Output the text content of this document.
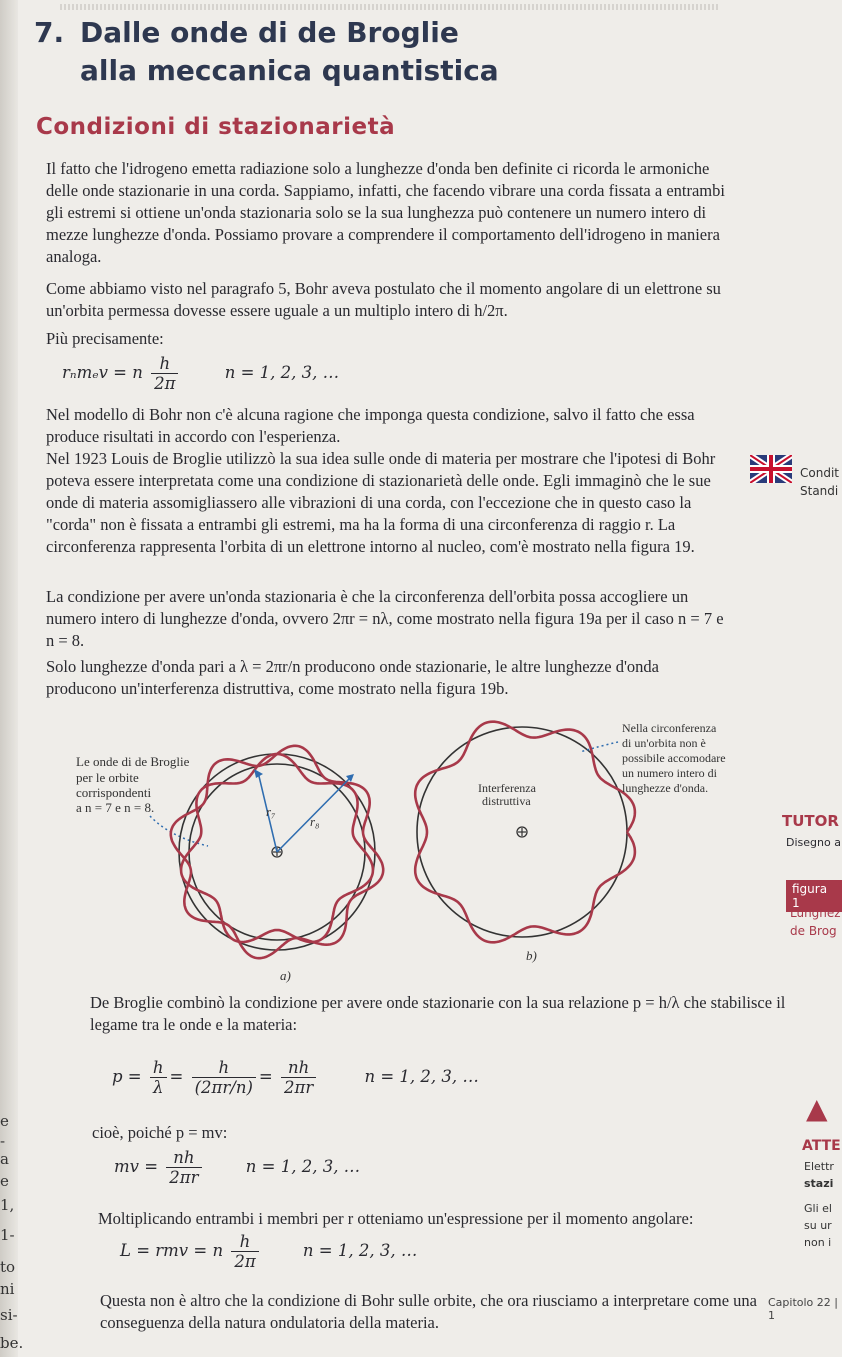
7. Dalle onde di de Broglie
alla meccanica quantistica
Condizioni di stazionarietà
Il fatto che l'idrogeno emetta radiazione solo a lunghezze d'onda ben definite ci ricorda le armoniche delle onde stazionarie in una corda. Sappiamo, infatti, che facendo vibrare una corda fissata a entrambi gli estremi si ottiene un'onda stazionaria solo se la sua lunghezza può contenere un numero intero di mezze lunghezze d'onda. Possiamo provare a comprendere il comportamento dell'idrogeno in maniera analoga.
Come abbiamo visto nel paragrafo 5, Bohr aveva postulato che il momento angolare di un elettrone su un'orbita permessa dovesse essere uguale a un multiplo intero di h/2π.
Più precisamente:
rₙmₑv = n $\frac{h}{2\pi}$	n = 1, 2, 3, …
Nel modello di Bohr non c'è alcuna ragione che imponga questa condizione, salvo il fatto che essa produce risultati in accordo con l'esperienza.
Nel 1923 Louis de Broglie utilizzò la sua idea sulle onde di materia per mostrare che l'ipotesi di Bohr poteva essere interpretata come una condizione di stazionarietà delle onde. Egli immaginò che le sue onde di materia assomigliassero alle vibrazioni di una corda, con l'eccezione che in questo caso la "corda" non è fissata a entrambi gli estremi, ma ha la forma di una circonferenza di raggio r. La circonferenza rappresenta l'orbita di un elettrone intorno al nucleo, com'è mostrato nella figura 19.
La condizione per avere un'onda stazionaria è che la circonferenza dell'orbita possa accogliere un numero intero di lunghezze d'onda, ovvero 2πr = nλ, come mostrato nella figura 19a per il caso n = 7 e n = 8.
Solo lunghezze d'onda pari a λ = 2πr/n producono onde stazionarie, le altre lunghezze d'onda producono un'interferenza distruttiva, come mostrato nella figura 19b.
Le onde di de Broglie
per le orbite
corrispondenti
a n = 7 e n = 8.	r₇
r₈
a)
Interferenza
distruttiva
Nella circonferenza
di un'orbita non è
possibile accomodare
un numero intero di
lunghezze d'onda.
b)
De Broglie combinò la condizione per avere onde stazionarie con la sua relazione p = h/λ che stabilisce il legame tra le onde e la materia:
$p = \frac{h}{\lambda} = \frac{h}{(2\pi r/n)} = \frac{nh}{2\pi r}$	n = 1, 2, 3, …
cioè, poiché p = mv:
mv = $\frac{nh}{2\pi r}$	n = 1, 2, 3, …
Moltiplicando entrambi i membri per r otteniamo un'espressione per il momento angolare:
L = rmv = n $\frac{h}{2\pi}$	n = 1, 2, 3, …
Questa non è altro che la condizione di Bohr sulle orbite, che ora riusciamo a interpretare come una conseguenza della natura ondulatoria della materia.
Condit
Standi
TUTOR
Disegno a
figura 1
Lunghez
de Brog
▲
ATTE
Elettr
stazi
Gli el
su ur
non i
e
-
a
e
1,
1-
to
ni
si-
be.
Capitolo 22 | 1
